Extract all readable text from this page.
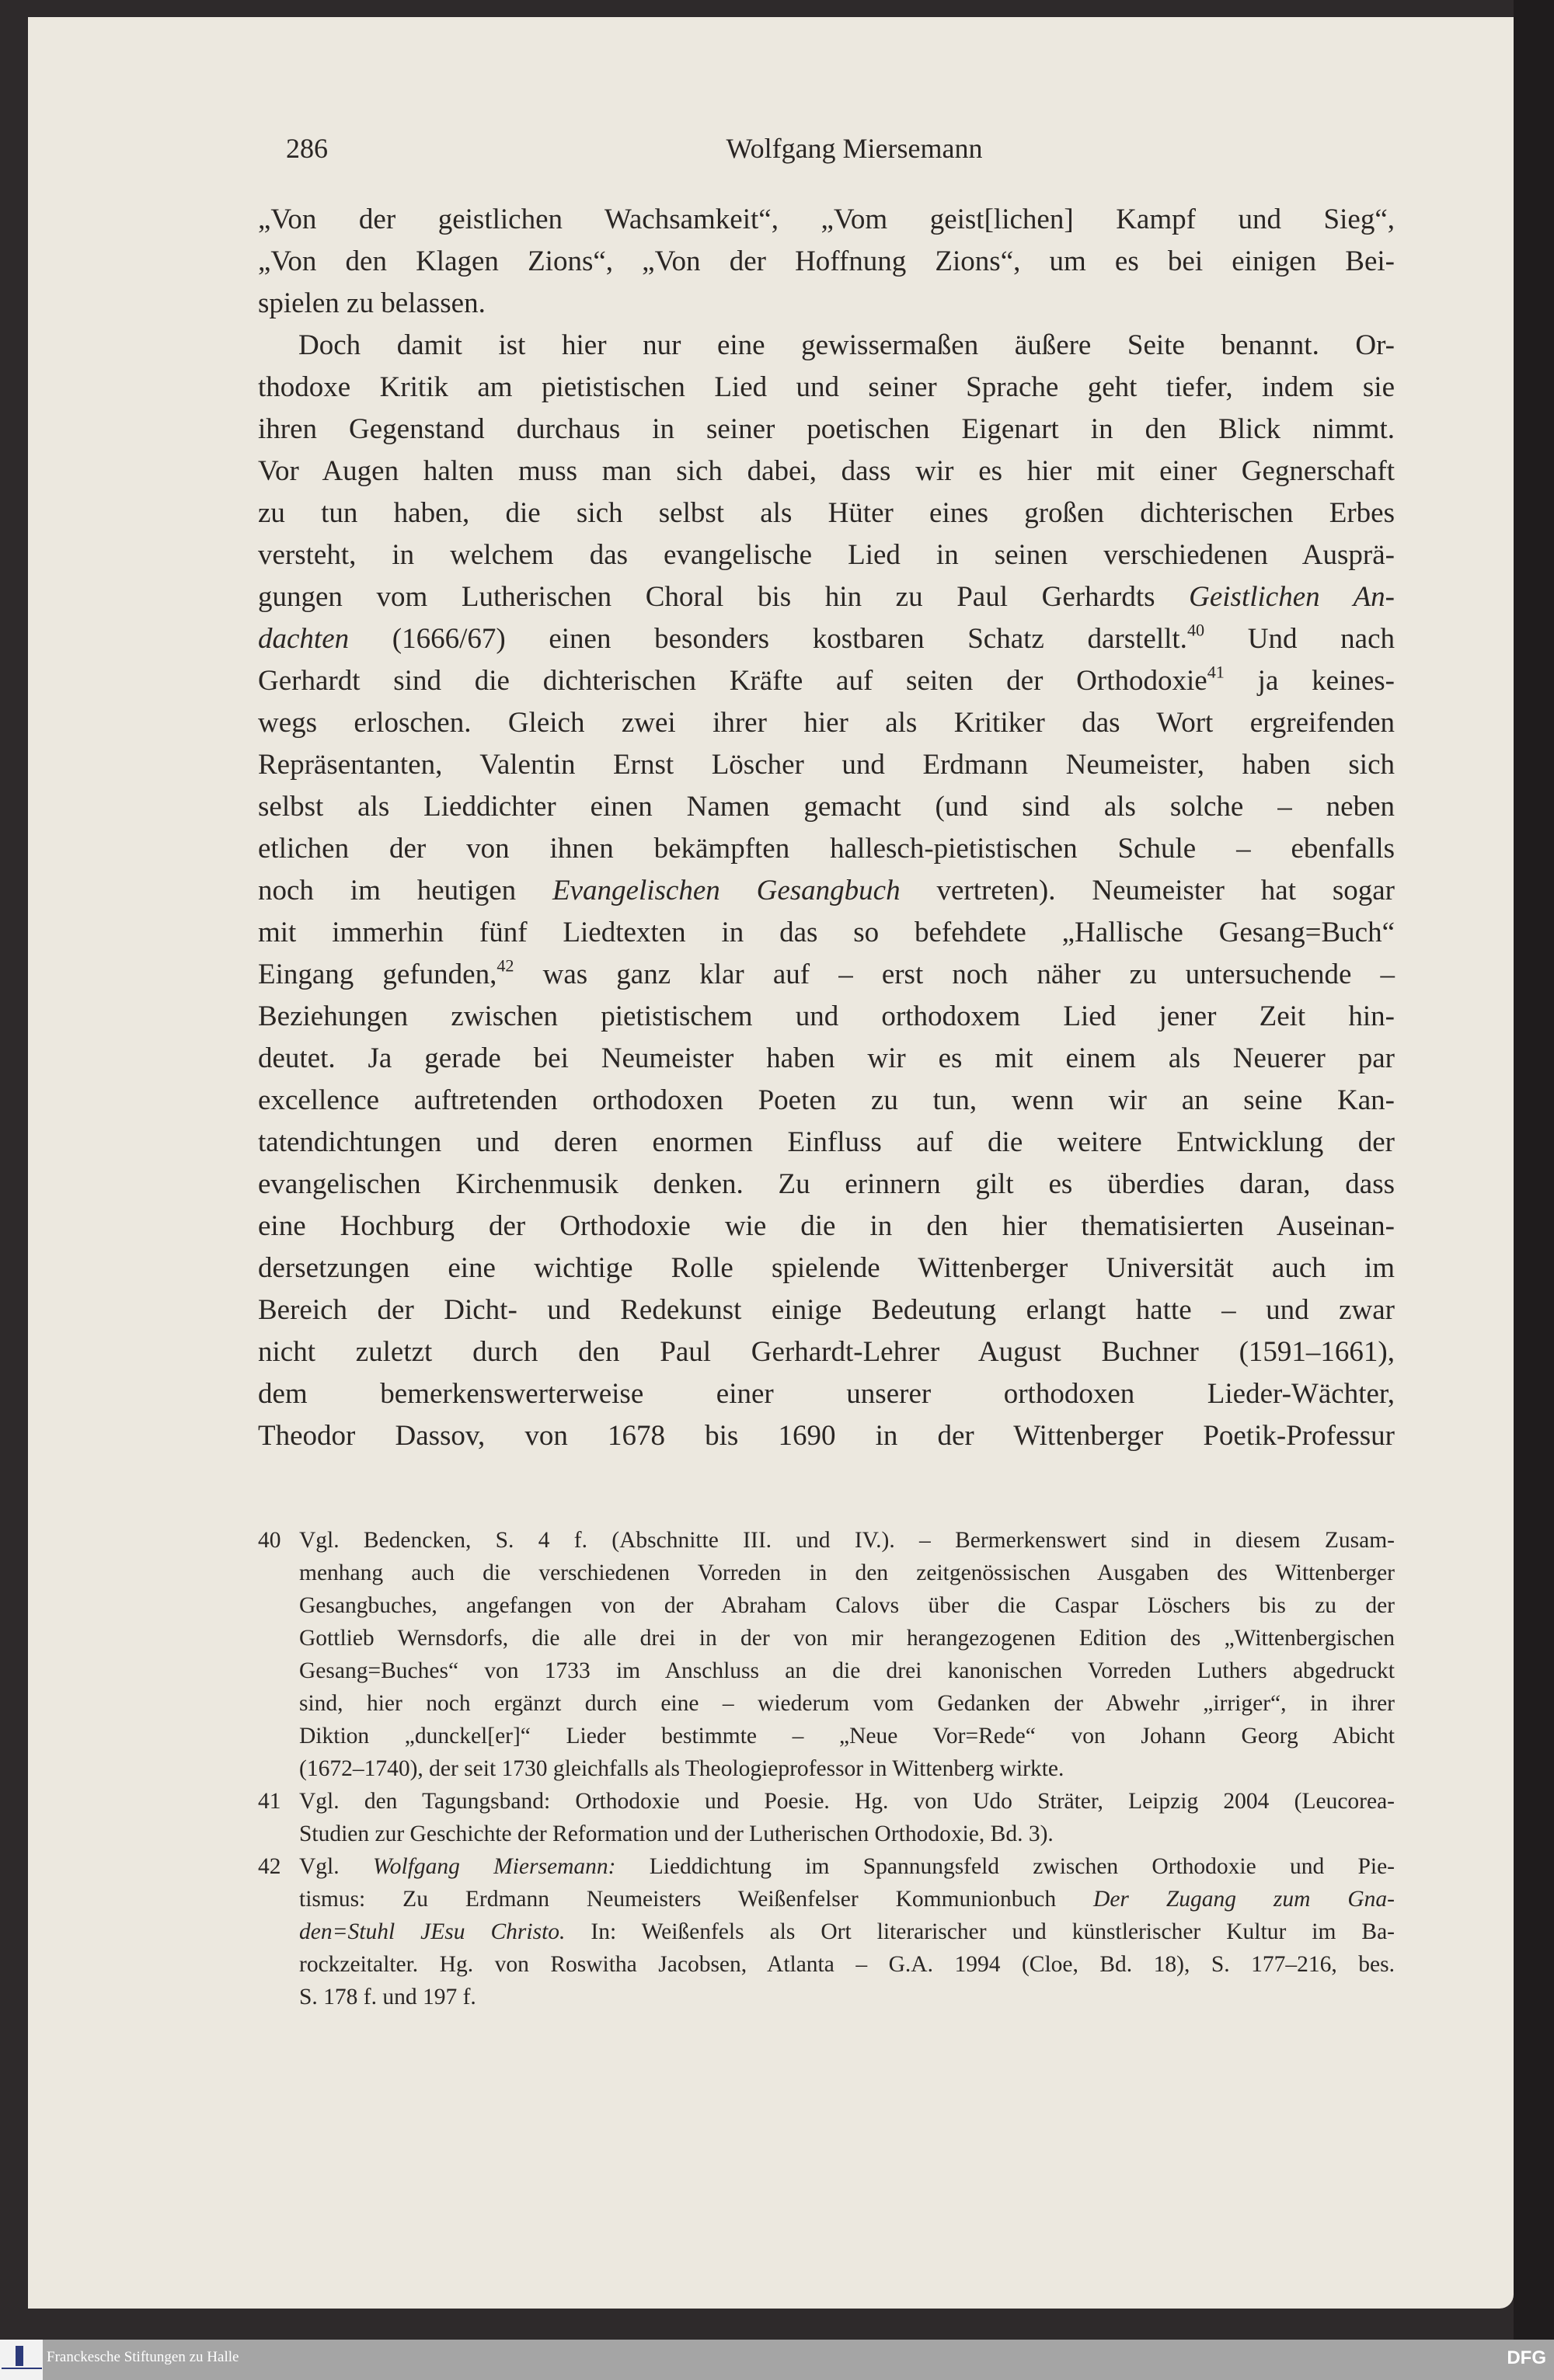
286	Wolfgang Miersemann
„Von der geistlichen Wachsamkeit“, „Vom geist[lichen] Kampf und Sieg“,
„Von den Klagen Zions“, „Von der Hoffnung Zions“, um es bei einigen Bei-
spielen zu belassen.
Doch damit ist hier nur eine gewissermaßen äußere Seite benannt. Or-
thodoxe Kritik am pietistischen Lied und seiner Sprache geht tiefer, indem sie
ihren Gegenstand durchaus in seiner poetischen Eigenart in den Blick nimmt.
Vor Augen halten muss man sich dabei, dass wir es hier mit einer Gegnerschaft
zu tun haben, die sich selbst als Hüter eines großen dichterischen Erbes
versteht, in welchem das evangelische Lied in seinen verschiedenen Ausprä-
gungen vom Lutherischen Choral bis hin zu Paul Gerhardts Geistlichen An-
dachten (1666/67) einen besonders kostbaren Schatz darstellt.$^{40}$ Und nach
Gerhardt sind die dichterischen Kräfte auf seiten der Orthodoxie$^{41}$ ja keines-
wegs erloschen. Gleich zwei ihrer hier als Kritiker das Wort ergreifenden
Repräsentanten, Valentin Ernst Löscher und Erdmann Neumeister, haben sich
selbst als Lieddichter einen Namen gemacht (und sind als solche – neben
etlichen der von ihnen bekämpften hallesch-pietistischen Schule – ebenfalls
noch im heutigen Evangelischen Gesangbuch vertreten). Neumeister hat sogar
mit immerhin fünf Liedtexten in das so befehdete „Hallische Gesang=Buch“
Eingang gefunden,$^{42}$ was ganz klar auf – erst noch näher zu untersuchende –
Beziehungen zwischen pietistischem und orthodoxem Lied jener Zeit hin-
deutet. Ja gerade bei Neumeister haben wir es mit einem als Neuerer par
excellence auftretenden orthodoxen Poeten zu tun, wenn wir an seine Kan-
tatendichtungen und deren enormen Einfluss auf die weitere Entwicklung der
evangelischen Kirchenmusik denken. Zu erinnern gilt es überdies daran, dass
eine Hochburg der Orthodoxie wie die in den hier thematisierten Auseinan-
dersetzungen eine wichtige Rolle spielende Wittenberger Universität auch im
Bereich der Dicht- und Redekunst einige Bedeutung erlangt hatte – und zwar
nicht zuletzt durch den Paul Gerhardt-Lehrer August Buchner (1591–1661),
dem bemerkenswerterweise einer unserer orthodoxen Lieder-Wächter,
Theodor Dassov, von 1678 bis 1690 in der Wittenberger Poetik-Professur
40 Vgl. Bedencken, S. 4 f. (Abschnitte III. und IV.). – Bermerkenswert sind in diesem Zusam-
menhang auch die verschiedenen Vorreden in den zeitgenössischen Ausgaben des Wittenberger
Gesangbuches, angefangen von der Abraham Calovs über die Caspar Löschers bis zu der
Gottlieb Wernsdorfs, die alle drei in der von mir herangezogenen Edition des „Wittenbergischen
Gesang=Buches“ von 1733 im Anschluss an die drei kanonischen Vorreden Luthers abgedruckt
sind, hier noch ergänzt durch eine – wiederum vom Gedanken der Abwehr „irriger“, in ihrer
Diktion „dunckel[er]“ Lieder bestimmte – „Neue Vor=Rede“ von Johann Georg Abicht
(1672–1740), der seit 1730 gleichfalls als Theologieprofessor in Wittenberg wirkte.
41 Vgl. den Tagungsband: Orthodoxie und Poesie. Hg. von Udo Sträter, Leipzig 2004 (Leucorea-
Studien zur Geschichte der Reformation und der Lutherischen Orthodoxie, Bd. 3).
42 Vgl. Wolfgang Miersemann: Lieddichtung im Spannungsfeld zwischen Orthodoxie und Pie-
tismus: Zu Erdmann Neumeisters Weißenfelser Kommunionbuch Der Zugang zum Gna-
den=Stuhl JEsu Christo. In: Weißenfels als Ort literarischer und künstlerischer Kultur im Ba-
rockzeitalter. Hg. von Roswitha Jacobsen, Atlanta – G.A. 1994 (Cloe, Bd. 18), S. 177–216, bes.
S. 178 f. und 197 f.
Franckesche Stiftungen zu Halle	DFG
